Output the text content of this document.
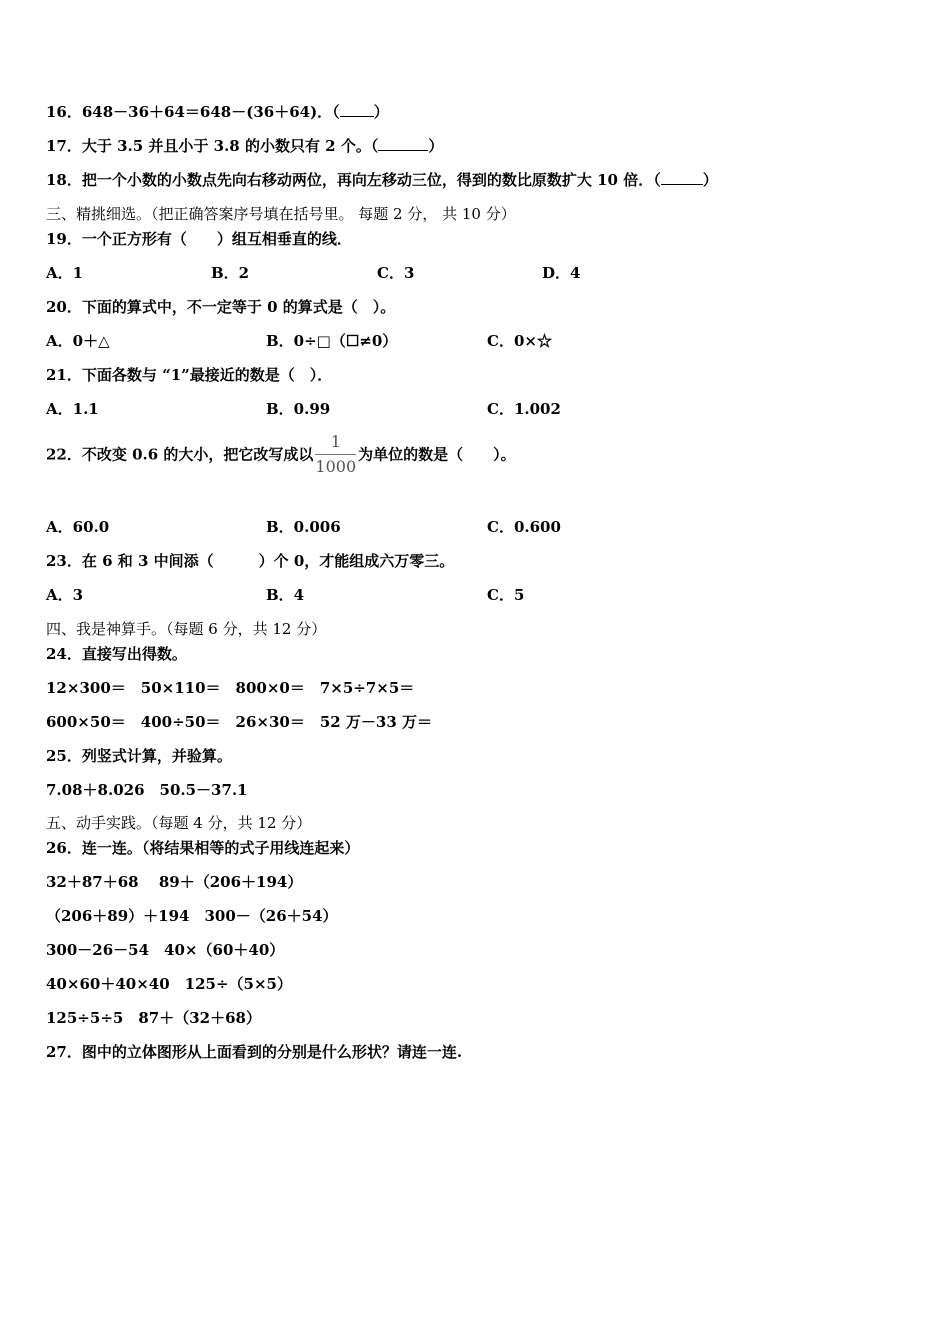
16．648－36＋64＝648－(36＋64)．（ ）
17．大于 3.5 并且小于 3.8 的小数只有 2 个。（	）
18．把一个小数的小数点先向右移动两位，再向左移动三位，得到的数比原数扩大 10 倍．（	）
三、精挑细选。（把正确答案序号填在括号里。 每题 2 分， 共 10 分）
19．一个正方形有（　　）组互相垂直的线．
A．1	B．2	C．3	D．4
20．下面的算式中，不一定等于 0 的算式是（　）。
A．0＋△	B．0÷□（☐≠0）	C．0×☆
21．下面各数与 “1”最接近的数是（　）．
A．1.1	B．0.99	C．1.002
22．不改变 0.6 的大小，把它改写成以 $\frac{1}{1000}$ 为单位的数是（　　）。
A．60.0	B．0.006	C．0.600
23．在 6 和 3 中间添（　　　）个 0，才能组成六万零三。
A．3	B．4	C．5
四、我是神算手。（每题 6 分，共 12 分）
24．直接写出得数。
12×300＝　50×110＝　800×0＝　7×5÷7×5＝
600×50＝　400÷50＝　26×30＝　52 万－33 万＝
25．列竖式计算，并验算。
7.08＋8.026　50.5－37.1
五、动手实践。（每题 4 分，共 12 分）
26．连一连。（将结果相等的式子用线连起来）
32＋87＋68　 89＋（206＋194）
（206＋89）＋194　300－（26＋54）
300－26－54　40×（60＋40）
40×60＋40×40　125÷（5×5）
125÷5÷5　87＋（32＋68）
27．图中的立体图形从上面看到的分别是什么形状？请连一连.
